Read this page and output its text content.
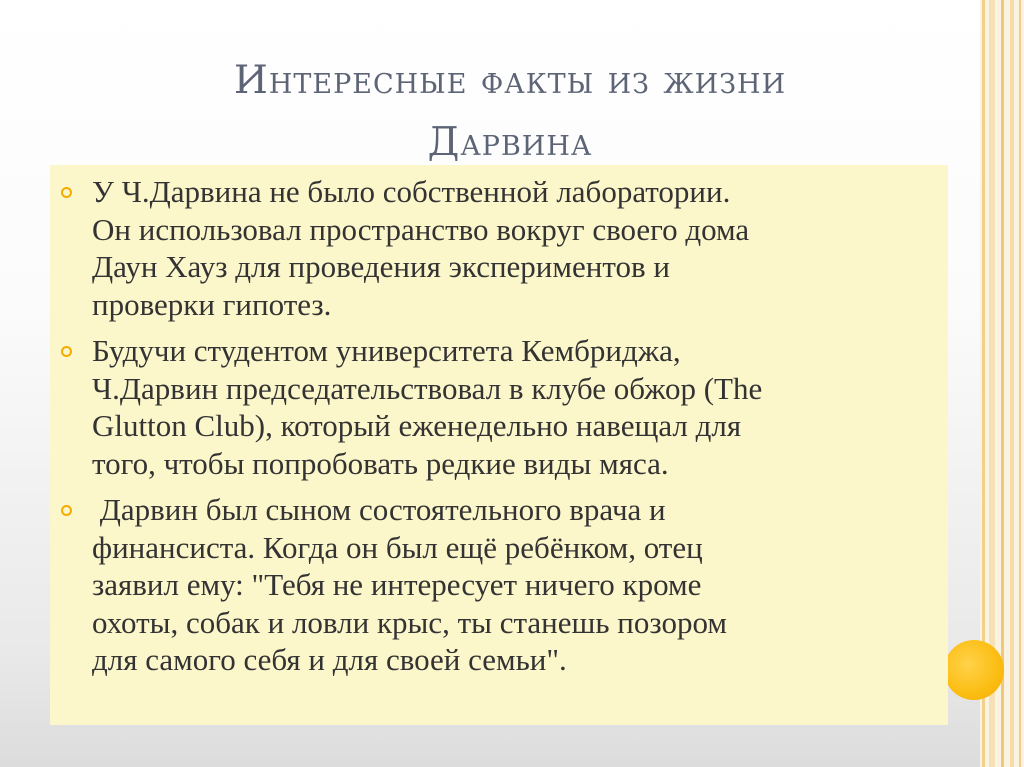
Интересные факты из жизни
Дарвина
У Ч.Дарвина не было собственной лаборатории.
Он использовал пространство вокруг своего дома
Даун Хауз для проведения экспериментов и
проверки гипотез.
Будучи студентом университета Кембриджа,
Ч.Дарвин председательствовал в клубе обжор (The
Glutton Club), который еженедельно навещал для
того, чтобы попробовать редкие виды мяса.
Дарвин был сыном состоятельного врача и
финансиста. Когда он был ещё ребёнком, отец
заявил ему: "Тебя не интересует ничего кроме
охоты, собак и ловли крыс, ты станешь позором
для самого себя и для своей семьи".
